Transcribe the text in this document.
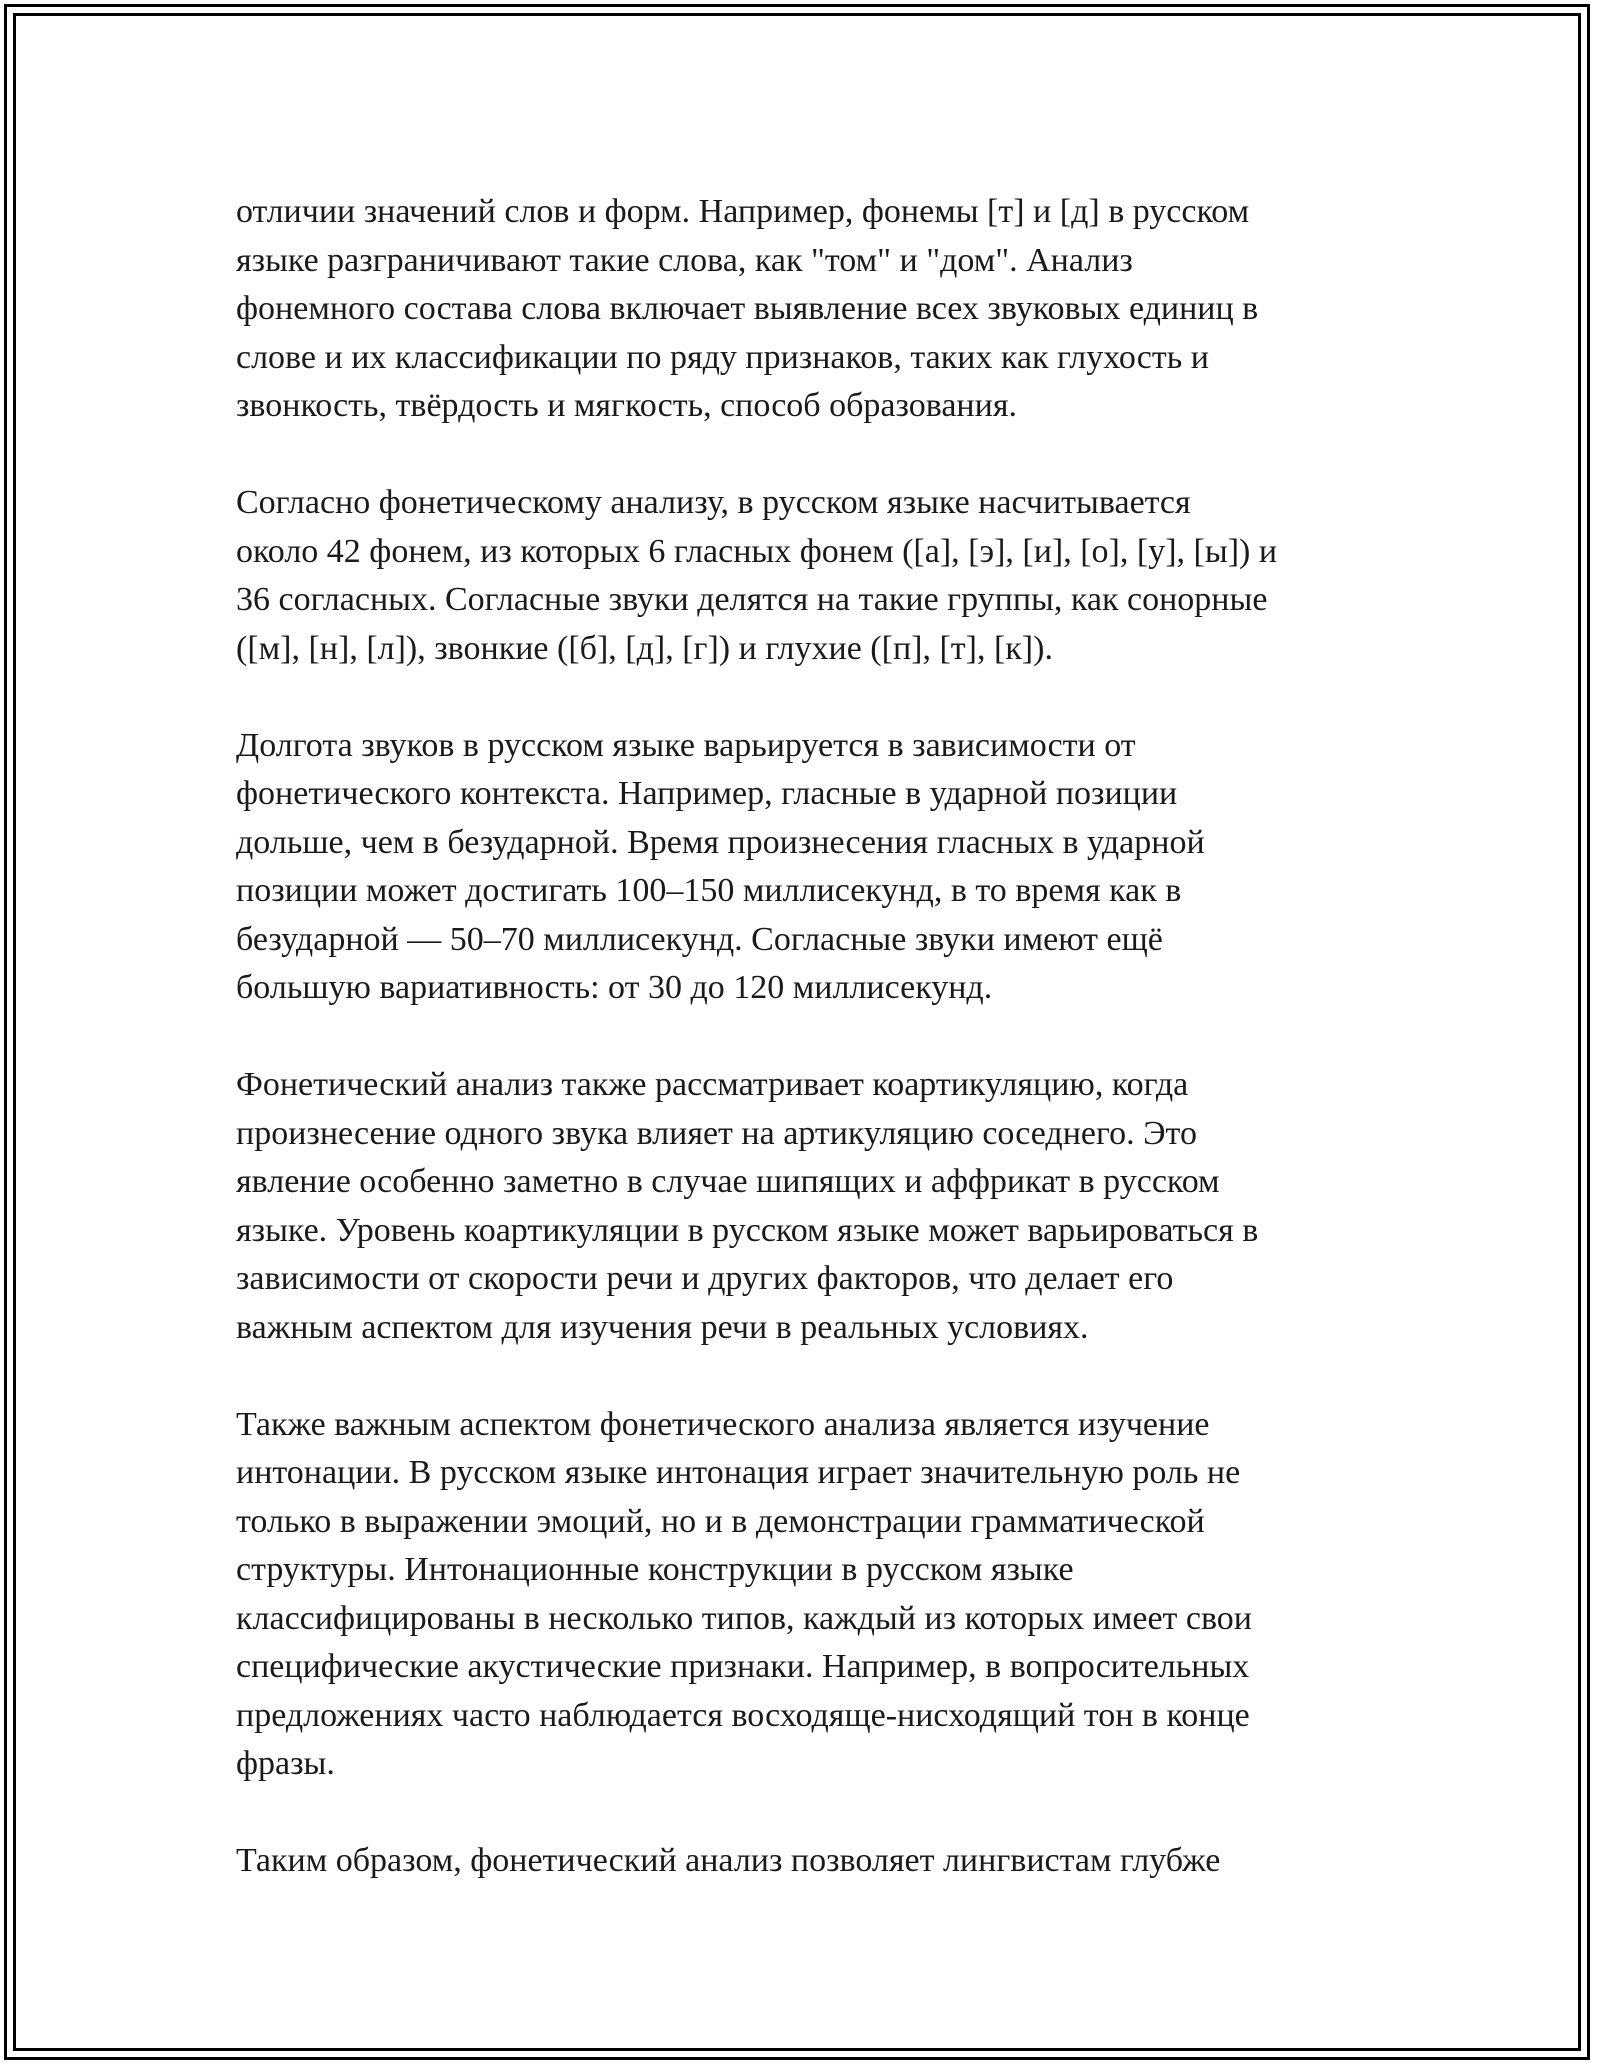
отличии значений слов и форм. Например, фонемы [т] и [д] в русском
языке разграничивают такие слова, как "том" и "дом". Анализ
фонемного состава слова включает выявление всех звуковых единиц в
слове и их классификации по ряду признаков, таких как глухость и
звонкость, твёрдость и мягкость, способ образования.

Согласно фонетическому анализу, в русском языке насчитывается
около 42 фонем, из которых 6 гласных фонем ([а], [э], [и], [о], [у], [ы]) и
36 согласных. Согласные звуки делятся на такие группы, как сонорные
([м], [н], [л]), звонкие ([б], [д], [г]) и глухие ([п], [т], [к]).

Долгота звуков в русском языке варьируется в зависимости от
фонетического контекста. Например, гласные в ударной позиции
дольше, чем в безударной. Время произнесения гласных в ударной
позиции может достигать 100–150 миллисекунд, в то время как в
безударной — 50–70 миллисекунд. Согласные звуки имеют ещё
большую вариативность: от 30 до 120 миллисекунд.

Фонетический анализ также рассматривает коартикуляцию, когда
произнесение одного звука влияет на артикуляцию соседнего. Это
явление особенно заметно в случае шипящих и аффрикат в русском
языке. Уровень коартикуляции в русском языке может варьироваться в
зависимости от скорости речи и других факторов, что делает его
важным аспектом для изучения речи в реальных условиях.

Также важным аспектом фонетического анализа является изучение
интонации. В русском языке интонация играет значительную роль не
только в выражении эмоций, но и в демонстрации грамматической
структуры. Интонационные конструкции в русском языке
классифицированы в несколько типов, каждый из которых имеет свои
специфические акустические признаки. Например, в вопросительных
предложениях часто наблюдается восходяще-нисходящий тон в конце
фразы.

Таким образом, фонетический анализ позволяет лингвистам глубже
